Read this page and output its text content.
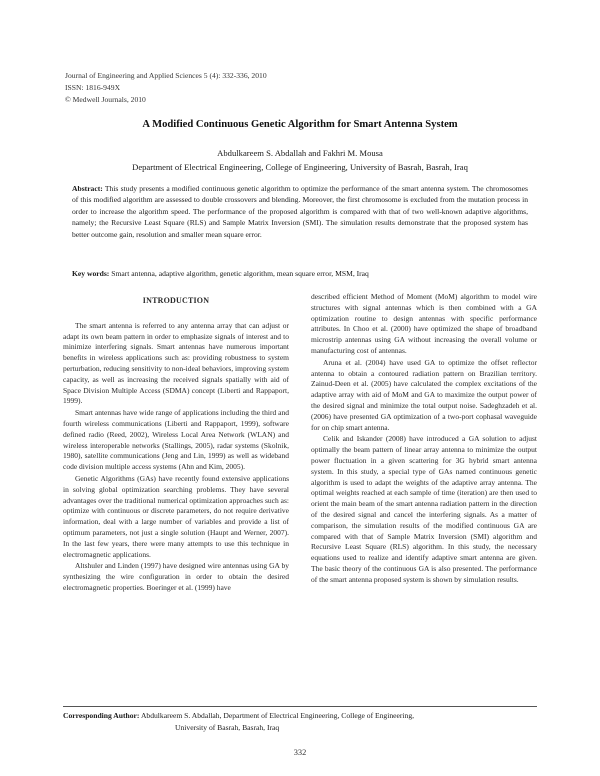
Journal of Engineering and Applied Sciences 5 (4): 332-336, 2010
ISSN: 1816-949X
© Medwell Journals, 2010
A Modified Continuous Genetic Algorithm for Smart Antenna System
Abdulkareem S. Abdallah and Fakhri M. Mousa
Department of Electrical Engineering, College of Engineering, University of Basrah, Basrah, Iraq
Abstract: This study presents a modified continuous genetic algorithm to optimize the performance of the smart antenna system. The chromosomes of this modified algorithm are assessed to double crossovers and blending. Moreover, the first chromosome is excluded from the mutation process in order to increase the algorithm speed. The performance of the proposed algorithm is compared with that of two well-known adaptive algorithms, namely; the Recursive Least Square (RLS) and Sample Matrix Inversion (SMI). The simulation results demonstrate that the proposed system has better outcome gain, resolution and smaller mean square error.
Key words: Smart antenna, adaptive algorithm, genetic algorithm, mean square error, MSM, Iraq
INTRODUCTION

The smart antenna is referred to any antenna array that can adjust or adapt its own beam pattern in order to emphasize signals of interest and to minimize interfering signals. Smart antennas have numerous important benefits in wireless applications such as: providing robustness to system perturbation, reducing sensitivity to non-ideal behaviors, improving system capacity, as well as increasing the received signals spatially with aid of Space Division Multiple Access (SDMA) concept (Liberti and Rappaport, 1999).

Smart antennas have wide range of applications including the third and fourth wireless communications (Liberti and Rappaport, 1999), software defined radio (Reed, 2002), Wireless Local Area Network (WLAN) and wireless interoperable networks (Stallings, 2005), radar systems (Skolnik, 1980), satellite communications (Jeng and Lin, 1999) as well as wideband code division multiple access systems (Ahn and Kim, 2005).

Genetic Algorithms (GAs) have recently found extensive applications in solving global optimization searching problems. They have several advantages over the traditional numerical optimization approaches such as: optimize with continuous or discrete parameters, do not require derivative information, deal with a large number of variables and provide a list of optimum parameters, not just a single solution (Haupt and Werner, 2007). In the last few years, there were many attempts to use this technique in electromagnetic applications.

Altshuler and Linden (1997) have designed wire antennas using GA by synthesizing the wire configuration in order to obtain the desired electromagnetic properties. Boeringer et al. (1999) have

described efficient Method of Moment (MoM) algorithm to model wire structures with signal antennas which is then combined with a GA optimization routine to design antennas with specific performance attributes. In Choo et al. (2000) have optimized the shape of broadband microstrip antennas using GA without increasing the overall volume or manufacturing cost of antennas.

Aruna et al. (2004) have used GA to optimize the offset reflector antenna to obtain a contoured radiation pattern on Brazilian territory. Zainud-Deen et al. (2005) have calculated the complex excitations of the adaptive array with aid of MoM and GA to maximize the output power of the desired signal and minimize the total output noise. Sadeghzadeh et al. (2006) have presented GA optimization of a two-port cophasal waveguide for on chip smart antenna.

Celik and Iskander (2008) have introduced a GA solution to adjust optimally the beam pattern of linear array antenna to minimize the output power fluctuation in a given scattering for 3G hybrid smart antenna system. In this study, a special type of GAs named continuous genetic algorithm is used to adapt the weights of the adaptive array antenna. The optimal weights reached at each sample of time (iteration) are then used to orient the main beam of the smart antenna radiation pattern in the direction of the desired signal and cancel the interfering signals. As a matter of comparison, the simulation results of the modified continuous GA are compared with that of Sample Matrix Inversion (SMI) algorithm and Recursive Least Square (RLS) algorithm. In this study, the necessary equations used to realize and identify adaptive smart antenna are given. The basic theory of the continuous GA is also presented. The performance of the smart antenna proposed system is shown by simulation results.

Corresponding Author: Abdulkareem S. Abdallah, Department of Electrical Engineering, College of Engineering,
University of Basrah, Basrah, Iraq
332
